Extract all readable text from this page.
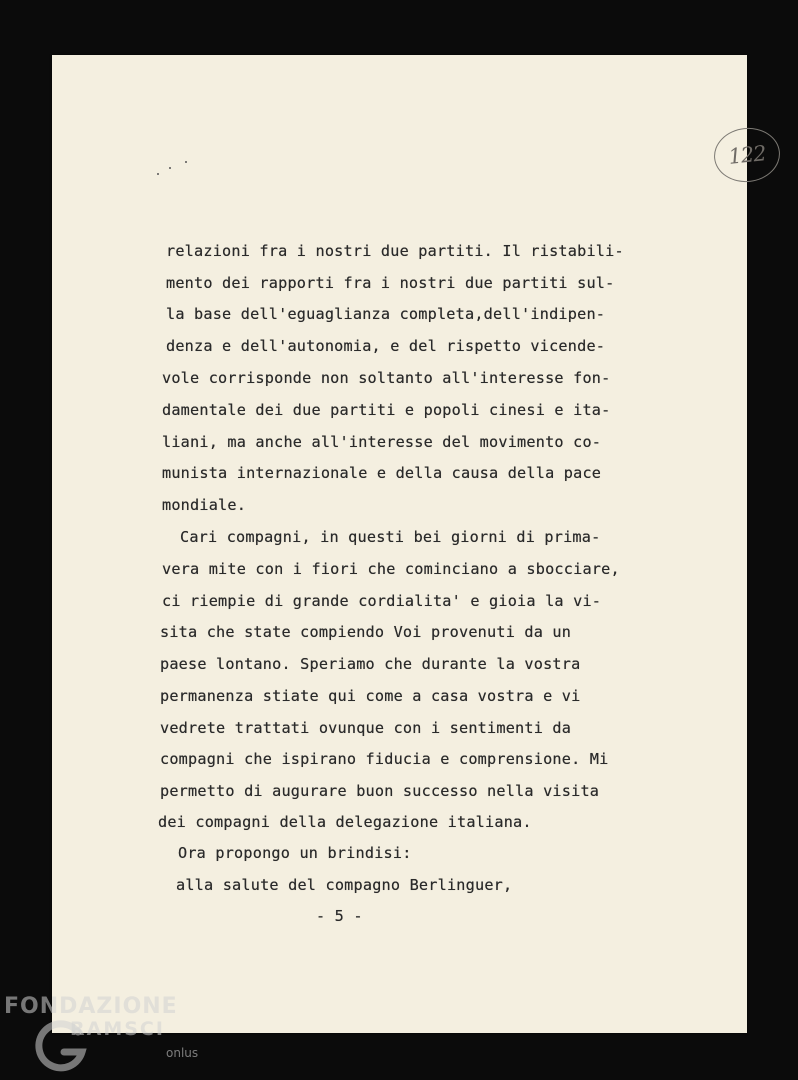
122
relazioni fra i nostri due partiti. Il ristabili-
mento dei rapporti fra i nostri due partiti sul-
la base dell'eguaglianza completa,dell'indipen-
denza e dell'autonomia, e del rispetto vicende-
vole corrisponde non soltanto all'interesse fon-
damentale dei due partiti e popoli cinesi e ita-
liani, ma anche all'interesse del movimento co-
munista internazionale e della causa della pace
mondiale.
Cari compagni, in questi bei giorni di prima-
vera mite con i fiori che cominciano a sbocciare,
ci riempie di grande cordialita' e gioia la vi-
sita che state compiendo Voi provenuti da un
paese lontano. Speriamo che durante la vostra
permanenza stiate qui come a casa vostra e vi
vedrete trattati ovunque con i sentimenti da
compagni che ispirano fiducia e comprensione. Mi
permetto di augurare buon successo nella visita
dei compagni della delegazione italiana.
Ora propongo un brindisi:
alla salute del compagno Berlinguer,
- 5 -
FONDAZIONE
RAMSCI
onlus
